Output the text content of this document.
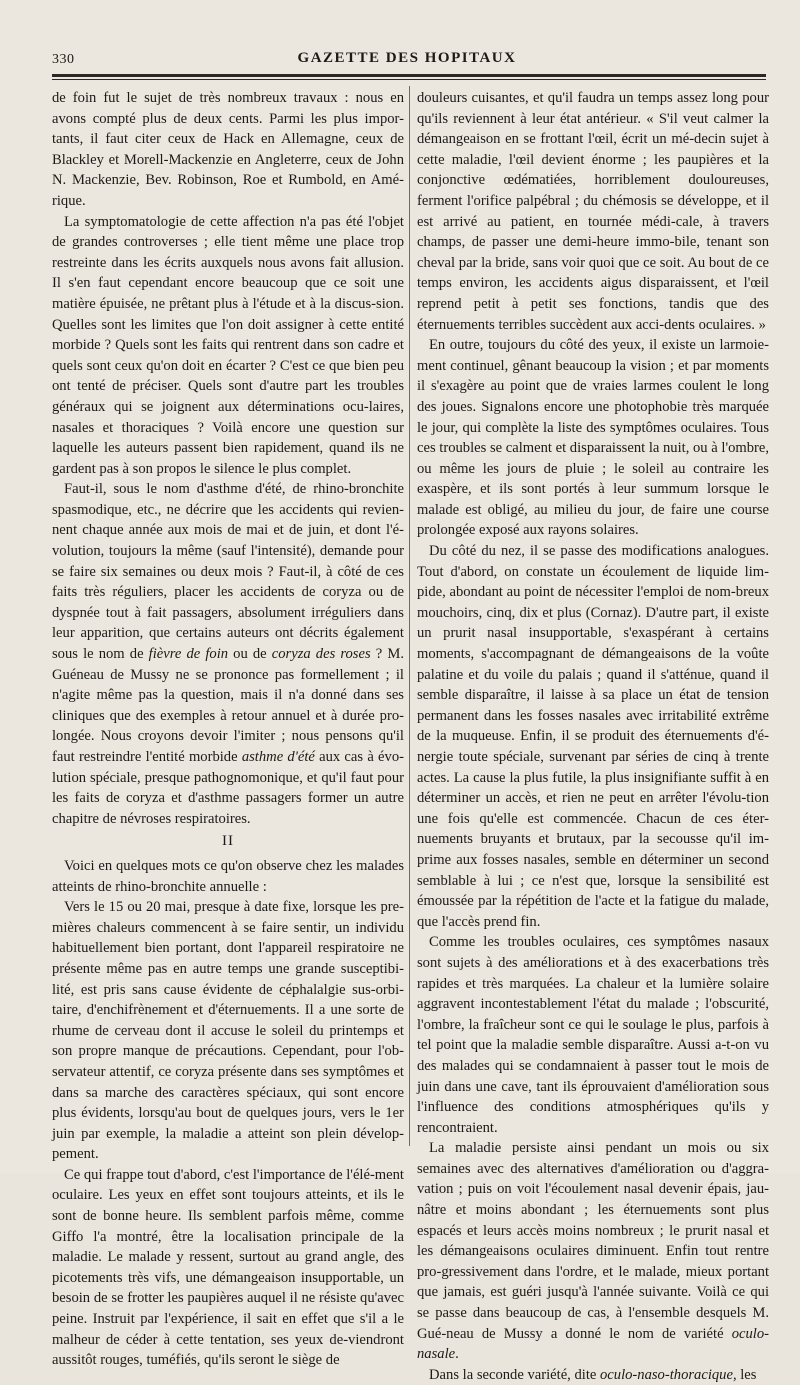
330	GAZETTE DES HOPITAUX

de foin fut le sujet de très nombreux travaux : nous en avons compté plus de deux cents. Parmi les plus impor-tants, il faut citer ceux de Hack en Allemagne, ceux de Blackley et Morell-Mackenzie en Angleterre, ceux de John N. Mackenzie, Bev. Robinson, Roe et Rumbold, en Amé-rique.

La symptomatologie de cette affection n'a pas été l'objet de grandes controverses ; elle tient même une place trop restreinte dans les écrits auxquels nous avons fait allusion. Il s'en faut cependant encore beaucoup que ce soit une matière épuisée, ne prêtant plus à l'étude et à la discus-sion. Quelles sont les limites que l'on doit assigner à cette entité morbide ? Quels sont les faits qui rentrent dans son cadre et quels sont ceux qu'on doit en écarter ? C'est ce que bien peu ont tenté de préciser. Quels sont d'autre part les troubles généraux qui se joignent aux déterminations ocu-laires, nasales et thoraciques ? Voilà encore une question sur laquelle les auteurs passent bien rapidement, quand ils ne gardent pas à son propos le silence le plus complet.

Faut-il, sous le nom d'asthme d'été, de rhino-bronchite spasmodique, etc., ne décrire que les accidents qui revien-nent chaque année aux mois de mai et de juin, et dont l'é-volution, toujours la même (sauf l'intensité), demande pour se faire six semaines ou deux mois ? Faut-il, à côté de ces faits très réguliers, placer les accidents de coryza ou de dyspnée tout à fait passagers, absolument irréguliers dans leur apparition, que certains auteurs ont décrits également sous le nom de fièvre de foin ou de coryza des roses ? M. Guéneau de Mussy ne se prononce pas formellement ; il n'agite même pas la question, mais il n'a donné dans ses cliniques que des exemples à retour annuel et à durée pro-longée. Nous croyons devoir l'imiter ; nous pensons qu'il faut restreindre l'entité morbide asthme d'été aux cas à évo-lution spéciale, presque pathognomonique, et qu'il faut pour les faits de coryza et d'asthme passagers former un autre chapitre de névroses respiratoires.

II

Voici en quelques mots ce qu'on observe chez les malades atteints de rhino-bronchite annuelle :

Vers le 15 ou 20 mai, presque à date fixe, lorsque les pre-mières chaleurs commencent à se faire sentir, un individu habituellement bien portant, dont l'appareil respiratoire ne présente même pas en autre temps une grande susceptibi-lité, est pris sans cause évidente de céphalalgie sus-orbi-taire, d'enchifrènement et d'éternuements. Il a une sorte de rhume de cerveau dont il accuse le soleil du printemps et son propre manque de précautions. Cependant, pour l'ob-servateur attentif, ce coryza présente dans ses symptômes et dans sa marche des caractères spéciaux, qui sont encore plus évidents, lorsqu'au bout de quelques jours, vers le 1er juin par exemple, la maladie a atteint son plein dévelop-pement.

Ce qui frappe tout d'abord, c'est l'importance de l'élé-ment oculaire. Les yeux en effet sont toujours atteints, et ils le sont de bonne heure. Ils semblent parfois même, comme Giffo l'a montré, être la localisation principale de la maladie. Le malade y ressent, surtout au grand angle, des picotements très vifs, une démangeaison insupportable, un besoin de se frotter les paupières auquel il ne résiste qu'avec peine. Instruit par l'expérience, il sait en effet que s'il a le malheur de céder à cette tentation, ses yeux de-viendront aussitôt rouges, tuméfiés, qu'ils seront le siège de

douleurs cuisantes, et qu'il faudra un temps assez long pour qu'ils reviennent à leur état antérieur. « S'il veut calmer la démangeaison en se frottant l'œil, écrit un mé-decin sujet à cette maladie, l'œil devient énorme ; les paupières et la conjonctive œdématiées, horriblement douloureuses, ferment l'orifice palpébral ; du chémosis se développe, et il est arrivé au patient, en tournée médi-cale, à travers champs, de passer une demi-heure immo-bile, tenant son cheval par la bride, sans voir quoi que ce soit. Au bout de ce temps environ, les accidents aigus disparaissent, et l'œil reprend petit à petit ses fonctions, tandis que des éternuements terribles succèdent aux acci-dents oculaires. »

En outre, toujours du côté des yeux, il existe un larmoie-ment continuel, gênant beaucoup la vision ; et par moments il s'exagère au point que de vraies larmes coulent le long des joues. Signalons encore une photophobie très marquée le jour, qui complète la liste des symptômes oculaires. Tous ces troubles se calment et disparaissent la nuit, ou à l'ombre, ou même les jours de pluie ; le soleil au contraire les exaspère, et ils sont portés à leur summum lorsque le malade est obligé, au milieu du jour, de faire une course prolongée exposé aux rayons solaires.

Du côté du nez, il se passe des modifications analogues. Tout d'abord, on constate un écoulement de liquide lim-pide, abondant au point de nécessiter l'emploi de nom-breux mouchoirs, cinq, dix et plus (Cornaz). D'autre part, il existe un prurit nasal insupportable, s'exaspérant à certains moments, s'accompagnant de démangeaisons de la voûte palatine et du voile du palais ; quand il s'atténue, quand il semble disparaître, il laisse à sa place un état de tension permanent dans les fosses nasales avec irritabilité extrême de la muqueuse. Enfin, il se produit des éternuements d'é-nergie toute spéciale, survenant par séries de cinq à trente actes. La cause la plus futile, la plus insignifiante suffit à en déterminer un accès, et rien ne peut en arrêter l'évolu-tion une fois qu'elle est commencée. Chacun de ces éter-nuements bruyants et brutaux, par la secousse qu'il im-prime aux fosses nasales, semble en déterminer un second semblable à lui ; ce n'est que, lorsque la sensibilité est émoussée par la répétition de l'acte et la fatigue du malade, que l'accès prend fin.

Comme les troubles oculaires, ces symptômes nasaux sont sujets à des améliorations et à des exacerbations très rapides et très marquées. La chaleur et la lumière solaire aggravent incontestablement l'état du malade ; l'obscurité, l'ombre, la fraîcheur sont ce qui le soulage le plus, parfois à tel point que la maladie semble disparaître. Aussi a-t-on vu des malades qui se condamnaient à passer tout le mois de juin dans une cave, tant ils éprouvaient d'amélioration sous l'influence des conditions atmosphériques qu'ils y rencontraient.

La maladie persiste ainsi pendant un mois ou six semaines avec des alternatives d'amélioration ou d'aggra-vation ; puis on voit l'écoulement nasal devenir épais, jau-nâtre et moins abondant ; les éternuements sont plus espacés et leurs accès moins nombreux ; le prurit nasal et les démangeaisons oculaires diminuent. Enfin tout rentre pro-gressivement dans l'ordre, et le malade, mieux portant que jamais, est guéri jusqu'à l'année suivante. Voilà ce qui se passe dans beaucoup de cas, à l'ensemble desquels M. Gué-neau de Mussy a donné le nom de variété oculo-nasale.

Dans la seconde variété, dite oculo-naso-thoracique, les
